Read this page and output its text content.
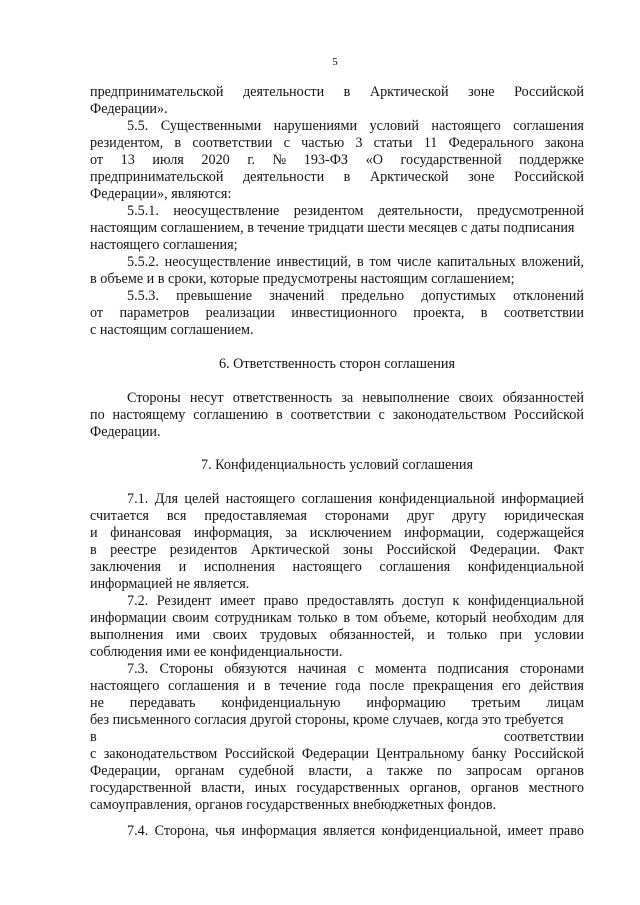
5
предпринимательской деятельности в Арктической зоне Российской
Федерации».
5.5. Существенными нарушениями условий настоящего соглашения
резидентом, в соответствии с частью 3 статьи 11 Федерального закона
от 13 июля 2020 г. № 193-ФЗ «О государственной поддержке
предпринимательской деятельности в Арктической зоне Российской
Федерации», являются:
5.5.1. неосуществление резидентом деятельности, предусмотренной
настоящим соглашением, в течение тридцати шести месяцев с даты подписания
настоящего соглашения;
5.5.2. неосуществление инвестиций, в том числе капитальных вложений,
в объеме и в сроки, которые предусмотрены настоящим соглашением;
5.5.3. превышение значений предельно допустимых отклонений
от параметров реализации инвестиционного проекта, в соответствии
с настоящим соглашением.
6. Ответственность сторон соглашения
Стороны несут ответственность за невыполнение своих обязанностей
по настоящему соглашению в соответствии с законодательством Российской
Федерации.
7. Конфиденциальность условий соглашения
7.1. Для целей настоящего соглашения конфиденциальной информацией
считается вся предоставляемая сторонами друг другу юридическая
и финансовая информация, за исключением информации, содержащейся
в реестре резидентов Арктической зоны Российской Федерации. Факт
заключения и исполнения настоящего соглашения конфиденциальной
информацией не является.
7.2. Резидент имеет право предоставлять доступ к конфиденциальной
информации своим сотрудникам только в том объеме, который необходим для
выполнения ими своих трудовых обязанностей, и только при условии
соблюдения ими ее конфиденциальности.
7.3. Стороны обязуются начиная с момента подписания сторонами
настоящего соглашения и в течение года после прекращения его действия
не передавать конфиденциальную информацию третьим лицам
без письменного согласия другой стороны, кроме случаев, когда это требуется
в	соответствии
с законодательством Российской Федерации Центральному банку Российской
Федерации, органам судебной власти, а также по запросам органов
государственной власти, иных государственных органов, органов местного
самоуправления, органов государственных внебюджетных фондов.
7.4. Сторона, чья информация является конфиденциальной, имеет право
